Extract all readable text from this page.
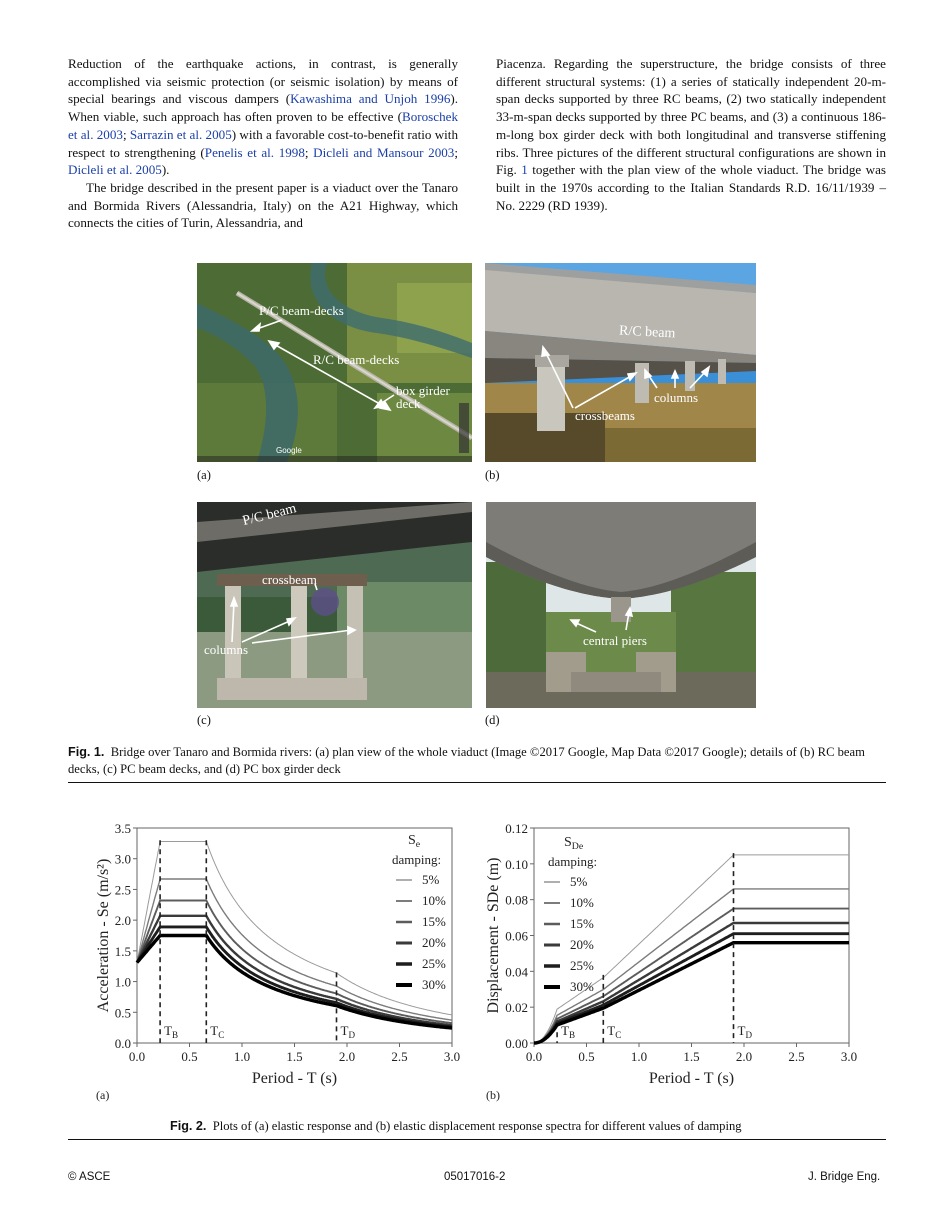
Reduction of the earthquake actions, in contrast, is generally accomplished via seismic protection (or seismic isolation) by means of special bearings and viscous dampers (Kawashima and Unjoh 1996). When viable, such approach has often proven to be effective (Boroschek et al. 2003; Sarrazin et al. 2005) with a favorable cost-to-benefit ratio with respect to strengthening (Penelis et al. 1998; Dicleli and Mansour 2003; Dicleli et al. 2005).

The bridge described in the present paper is a viaduct over the Tanaro and Bormida Rivers (Alessandria, Italy) on the A21 Highway, which connects the cities of Turin, Alessandria, and

Piacenza. Regarding the superstructure, the bridge consists of three different structural systems: (1) a series of statically independent 20-m-span decks supported by three RC beams, (2) two statically independent 33-m-span decks supported by three PC beams, and (3) a continuous 186-m-long box girder deck with both longitudinal and transverse stiffening ribs. Three pictures of the different structural configurations are shown in Fig. 1 together with the plan view of the whole viaduct. The bridge was built in the 1970s according to the Italian Standards R.D. 16/11/1939 – No. 2229 (RD 1939).

P/C beam-decks
R/C beam-decks
box girder
deck
Google
(a)
R/C beam
columns
crossbeams
(b)
P/C beam
crossbeam
columns
(c)
central piers
(d)
Fig. 1. Bridge over Tanaro and Bormida rivers: (a) plan view of the whole viaduct (Image ©2017 Google, Map Data ©2017 Google); details of (b) RC beam decks, (c) PC beam decks, and (d) PC box girder deck
0.0	0.5	1.0	1.5	2.0	2.5	3.0
0.0
0.5
1.0
1.5
2.0
2.5
3.0
3.5
$T_B$ $T_C$	$T_D$
Period - T (s)
Acceleration - Se (m/s²)
$S_e$
damping:
5%
10%
15%
20%
25%
30%
(a)
0.0	0.5	1.0	1.5	2.0	2.5	3.0
0.00
0.02
0.04
0.06
0.08
0.10
0.12
$T_B$ $T_C$	$T_D$
Period - T (s)
Displacement - SDe (m)
$S_{De}$
damping:
5%
10%
15%
20%
25%
30%
(b)
Fig. 2. Plots of (a) elastic response and (b) elastic displacement response spectra for different values of damping
© ASCE	05017016-2	J. Bridge Eng.
